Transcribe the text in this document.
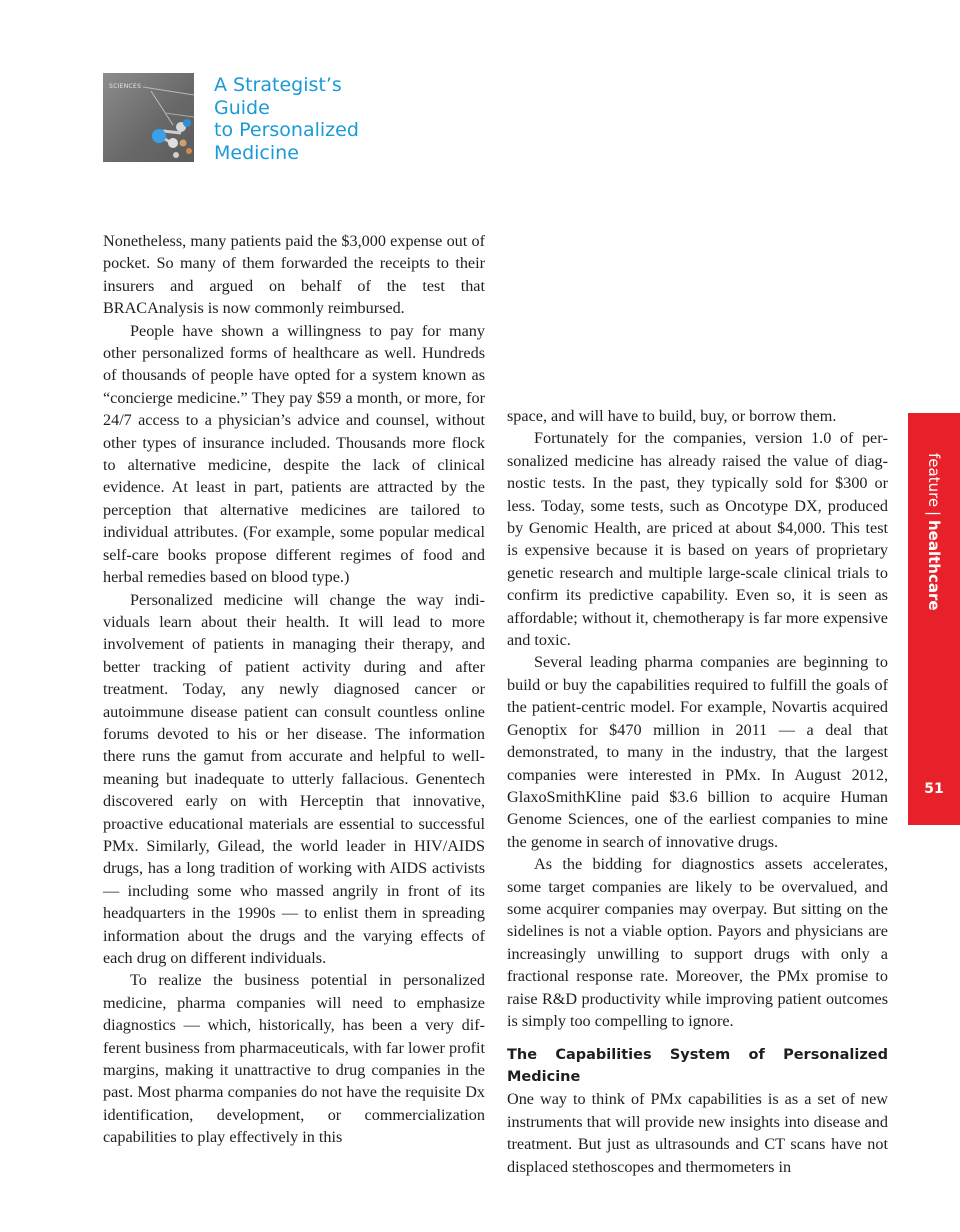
SCIENCES	A Strategist’s
Guide
to Personalized
Medicine

Nonetheless, many patients paid the $3,000 expense out of pocket. So many of them forwarded the receipts to their insurers and argued on behalf of the test that BRACAnalysis is now commonly reimbursed.

People have shown a willingness to pay for many other personalized forms of healthcare as well. Hundreds of thousands of people have opted for a system known as “concierge medicine.” They pay $59 a month, or more, for 24/7 access to a physician’s advice and counsel, without other types of insurance included. Thousands more flock to alternative medicine, despite the lack of clinical evidence. At least in part, patients are attracted by the perception that alternative medicines are tailored to individual attributes. (For example, some popular medical self-care books propose different regimes of food and herbal remedies based on blood type.)

Personalized medicine will change the way individuals learn about their health. It will lead to more involvement of patients in managing their therapy, and better tracking of patient activity during and after treatment. Today, any newly diagnosed cancer or autoimmune disease patient can consult countless online forums devoted to his or her disease. The information there runs the gamut from accurate and helpful to well-meaning but inadequate to utterly fallacious. Genentech discovered early on with Herceptin that innovative, proactive educational materials are essential to successful PMx. Similarly, Gilead, the world leader in HIV/AIDS drugs, has a long tradition of working with AIDS activists — including some who massed angrily in front of its headquarters in the 1990s — to enlist them in spreading information about the drugs and the varying effects of each drug on different individuals.

To realize the business potential in personalized medicine, pharma companies will need to emphasize diagnostics — which, historically, has been a very different business from pharmaceuticals, with far lower profit margins, making it unattractive to drug companies in the past. Most pharma companies do not have the requisite Dx identification, development, or commercialization capabilities to play effectively in this

space, and will have to build, buy, or borrow them.

Fortunately for the companies, version 1.0 of personalized medicine has already raised the value of diagnostic tests. In the past, they typically sold for $300 or less. Today, some tests, such as Oncotype DX, produced by Genomic Health, are priced at about $4,000. This test is expensive because it is based on years of proprietary genetic research and multiple large-scale clinical trials to confirm its predictive capability. Even so, it is seen as affordable; without it, chemotherapy is far more expensive and toxic.

Several leading pharma companies are beginning to build or buy the capabilities required to fulfill the goals of the patient-centric model. For example, Novartis acquired Genoptix for $470 million in 2011 — a deal that demonstrated, to many in the industry, that the largest companies were interested in PMx. In August 2012, GlaxoSmithKline paid $3.6 billion to acquire Human Genome Sciences, one of the earliest companies to mine the genome in search of innovative drugs.

As the bidding for diagnostics assets accelerates, some target companies are likely to be overvalued, and some acquirer companies may overpay. But sitting on the sidelines is not a viable option. Payors and physicians are increasingly unwilling to support drugs with only a fractional response rate. Moreover, the PMx promise to raise R&D productivity while improving patient outcomes is simply too compelling to ignore.

The Capabilities System of Personalized Medicine

One way to think of PMx capabilities is as a set of new instruments that will provide new insights into disease and treatment. But just as ultrasounds and CT scans have not displaced stethoscopes and thermometers in

feature
|
healthcare
51
